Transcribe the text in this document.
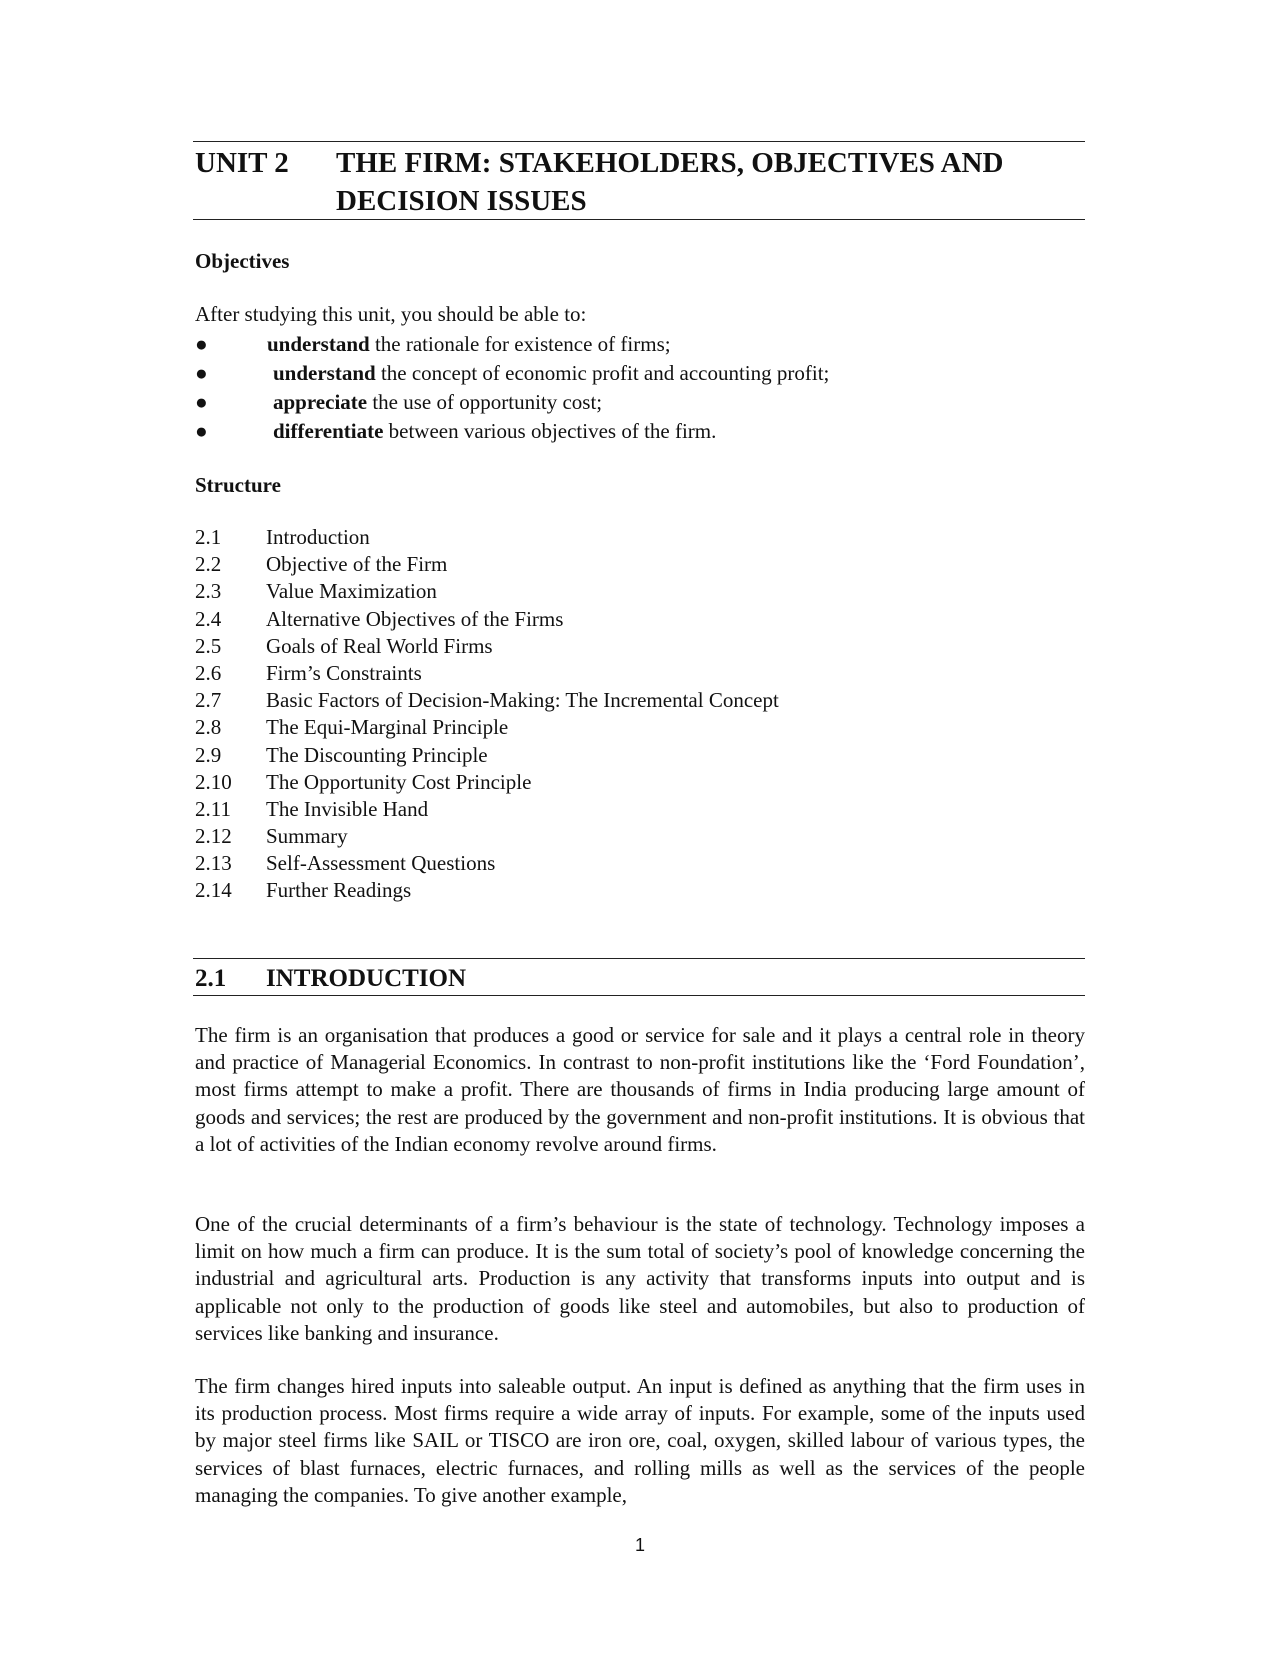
UNIT 2 THE FIRM: STAKEHOLDERS, OBJECTIVES AND DECISION ISSUES
Objectives
After studying this unit, you should be able to:
●	understand the rationale for existence of firms;
●	understand the concept of economic profit and accounting profit;
●	appreciate the use of opportunity cost;
●	differentiate between various objectives of the firm.
Structure
2.1 Introduction
2.2 Objective of the Firm
2.3 Value Maximization
2.4 Alternative Objectives of the Firms
2.5 Goals of Real World Firms
2.6 Firm’s Constraints
2.7 Basic Factors of Decision-Making: The Incremental Concept
2.8 The Equi-Marginal Principle
2.9 The Discounting Principle
2.10 The Opportunity Cost Principle
2.11 The Invisible Hand
2.12 Summary
2.13 Self-Assessment Questions
2.14 Further Readings
2.1 INTRODUCTION

The firm is an organisation that produces a good or service for sale and it plays a central role in theory and practice of Managerial Economics. In contrast to non-profit institutions like the ‘Ford Foundation’, most firms attempt to make a profit. There are thousands of firms in India producing large amount of goods and services; the rest are produced by the government and non-profit institutions. It is obvious that a lot of activities of the Indian economy revolve around firms.

One of the crucial determinants of a firm’s behaviour is the state of technology. Technology imposes a limit on how much a firm can produce. It is the sum total of society’s pool of knowledge concerning the industrial and agricultural arts. Production is any activity that transforms inputs into output and is applicable not only to the production of goods like steel and automobiles, but also to production of services like banking and insurance.

The firm changes hired inputs into saleable output. An input is defined as anything that the firm uses in its production process. Most firms require a wide array of inputs. For example, some of the inputs used by major steel firms like SAIL or TISCO are iron ore, coal, oxygen, skilled labour of various types, the services of blast furnaces, electric furnaces, and rolling mills as well as the services of the people managing the companies. To give another example,

1
